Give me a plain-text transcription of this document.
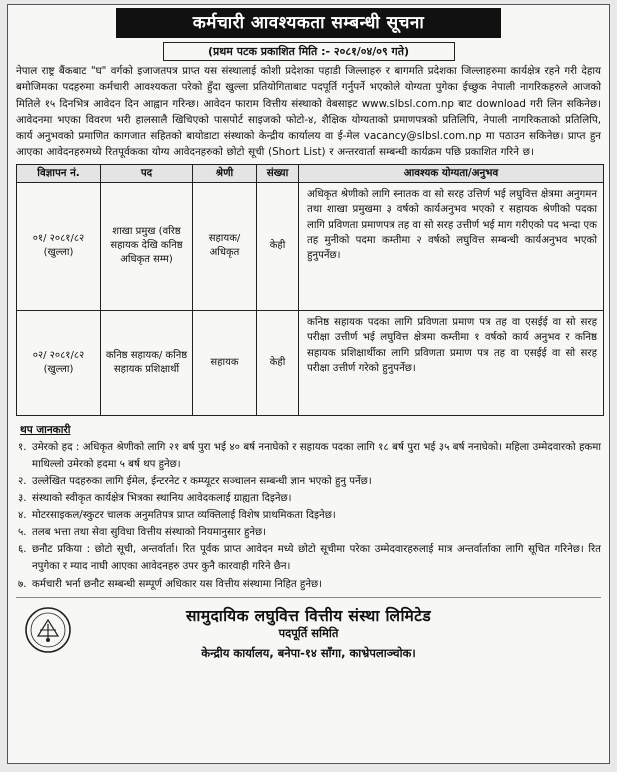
कर्मचारी आवश्यकता सम्बन्धी सूचना
(प्रथम पटक प्रकाशित मिति :- २०८१/०४/०९ गते)
नेपाल राष्ट्र बैंकबाट "घ" वर्गको इजाजतपत्र प्राप्त यस संस्थालाई कोशी प्रदेशका पहाडी जिल्लाहरु र बागमति प्रदेशका जिल्लाहरुमा कार्यक्षेत्र रहने गरी देहाय बमोजिमका पदहरुमा कर्मचारी आवश्यकता परेको हुँदा खुल्ला प्रतियोगिताबाट पदपूर्ति गर्नुपर्ने भएकोले योग्यता पुगेका ईच्छुक नेपाली नागरिकहरुले आजको मितिले १५ दिनभित्र आवेदन दिन आह्वान गरिन्छ। आवेदन फाराम वित्तीय संस्थाको वेबसाइट www.slbsl.com.np बाट download गरी लिन सकिनेछ। आवेदनमा भएका विवरण भरी हालसालै खिचिएको पासपोर्ट साइजको फोटो-४, शैक्षिक योग्यताको प्रमाणपत्रको प्रतिलिपि, नेपाली नागरिकताको प्रतिलिपि, कार्य अनुभवको प्रमाणित कागजात सहितको बायोडाटा संस्थाको केन्द्रीय कार्यालय वा ई-मेल vacancy@slbsl.com.np मा पठाउन सकिनेछ। प्राप्त हुन आएका आवेदनहरुमध्ये रितपूर्वकका योग्य आवेदनहरुको छोटो सूची (Short List) र अन्तरवार्ता सम्बन्धी कार्यक्रम पछि प्रकाशित गरिने छ।
विज्ञापन नं.	पद	श्रेणी	संख्या	आवश्यक योग्यता/अनुभव
०१/ २०८१/८२ (खुल्ला)	शाखा प्रमुख (वरिष्ठ सहायक देखि कनिष्ठ अधिकृत सम्म)	सहायक/ अधिकृत	केही	अधिकृत श्रेणीको लागि स्नातक वा सो सरह उत्तिर्ण भई लघुवित्त क्षेत्रमा अनुगमन तथा शाखा प्रमुखमा ३ वर्षको कार्यअनुभव भएको र सहायक श्रेणीको पदका लागि प्रविणता प्रमाणपत्र तह वा सो सरह उत्तीर्ण भई माग गरीएको पद भन्दा एक तह मुनीको पदमा कम्तीमा २ वर्षको लघुवित्त सम्बन्धी कार्यअनुभव भएको हुनुपर्नेछ।
०२/ २०८१/८२ (खुल्ला)	कनिष्ठ सहायक/ कनिष्ठ सहायक प्रशिक्षार्थी	सहायक	केही	कनिष्ठ सहायक पदका लागि प्रविणता प्रमाण पत्र तह वा एसईई वा सो सरह परीक्षा उत्तीर्ण भई लघुवित्त क्षेत्रमा कम्तीमा १ वर्षको कार्य अनुभव र कनिष्ठ सहायक प्रशिक्षार्थीका लागि प्रविणता प्रमाण पत्र तह वा एसईई वा सो सरह परीक्षा उत्तीर्ण गरेको हुनुपर्नेछ।
थप जानकारी
१. उमेरको हद : अधिकृत श्रेणीको लागि २१ बर्ष पुरा भई ४० बर्ष ननाघेको र सहायक पदका लागि १८ बर्ष पुरा भई ३५ बर्ष ननाघेको। महिला उम्मेदवारको हकमा माथिल्लो उमेरको हदमा ५ बर्ष थप हुनेछ।
२. उल्लेखित पदहरुका लागि ईमेल, ईन्टरनेट र कम्प्यूटर सञ्चालन सम्बन्धी ज्ञान भएको हुनु पर्नेछ।
३. संस्थाको स्वीकृत कार्यक्षेत्र भित्रका स्थानिय आवेदकलाई ग्राह्यता दिइनेछ।
४. मोटरसाइकल/स्कुटर चालक अनुमतिपत्र प्राप्त व्यक्तिलाई विशेष प्राथमिकता दिइनेछ।
५. तलब भत्ता तथा सेवा सुविधा वित्तीय संस्थाको नियमानुसार हुनेछ।
६. छनौट प्रकिया : छोटो सूची, अन्तर्वार्ता। रित पूर्वक प्राप्त आवेदन मध्ये छोटो सूचीमा परेका उम्मेदवारहरुलाई मात्र अन्तर्वार्ताका लागि सूचित गरिनेछ। रित नपुगेका र म्याद नाघी आएका आवेदनहरु उपर कुनै कारवाही गरिने छैन।
७. कर्मचारी भर्ना छनौट सम्बन्धी सम्पूर्ण अधिकार यस वित्तीय संस्थामा निहित हुनेछ।
सामुदायिक लघुवित्त वित्तीय संस्था लिमिटेड
पदपूर्ति समिति
केन्द्रीय कार्यालय, बनेपा-१४ साँगा, काभ्रेपलाञ्चोक।
